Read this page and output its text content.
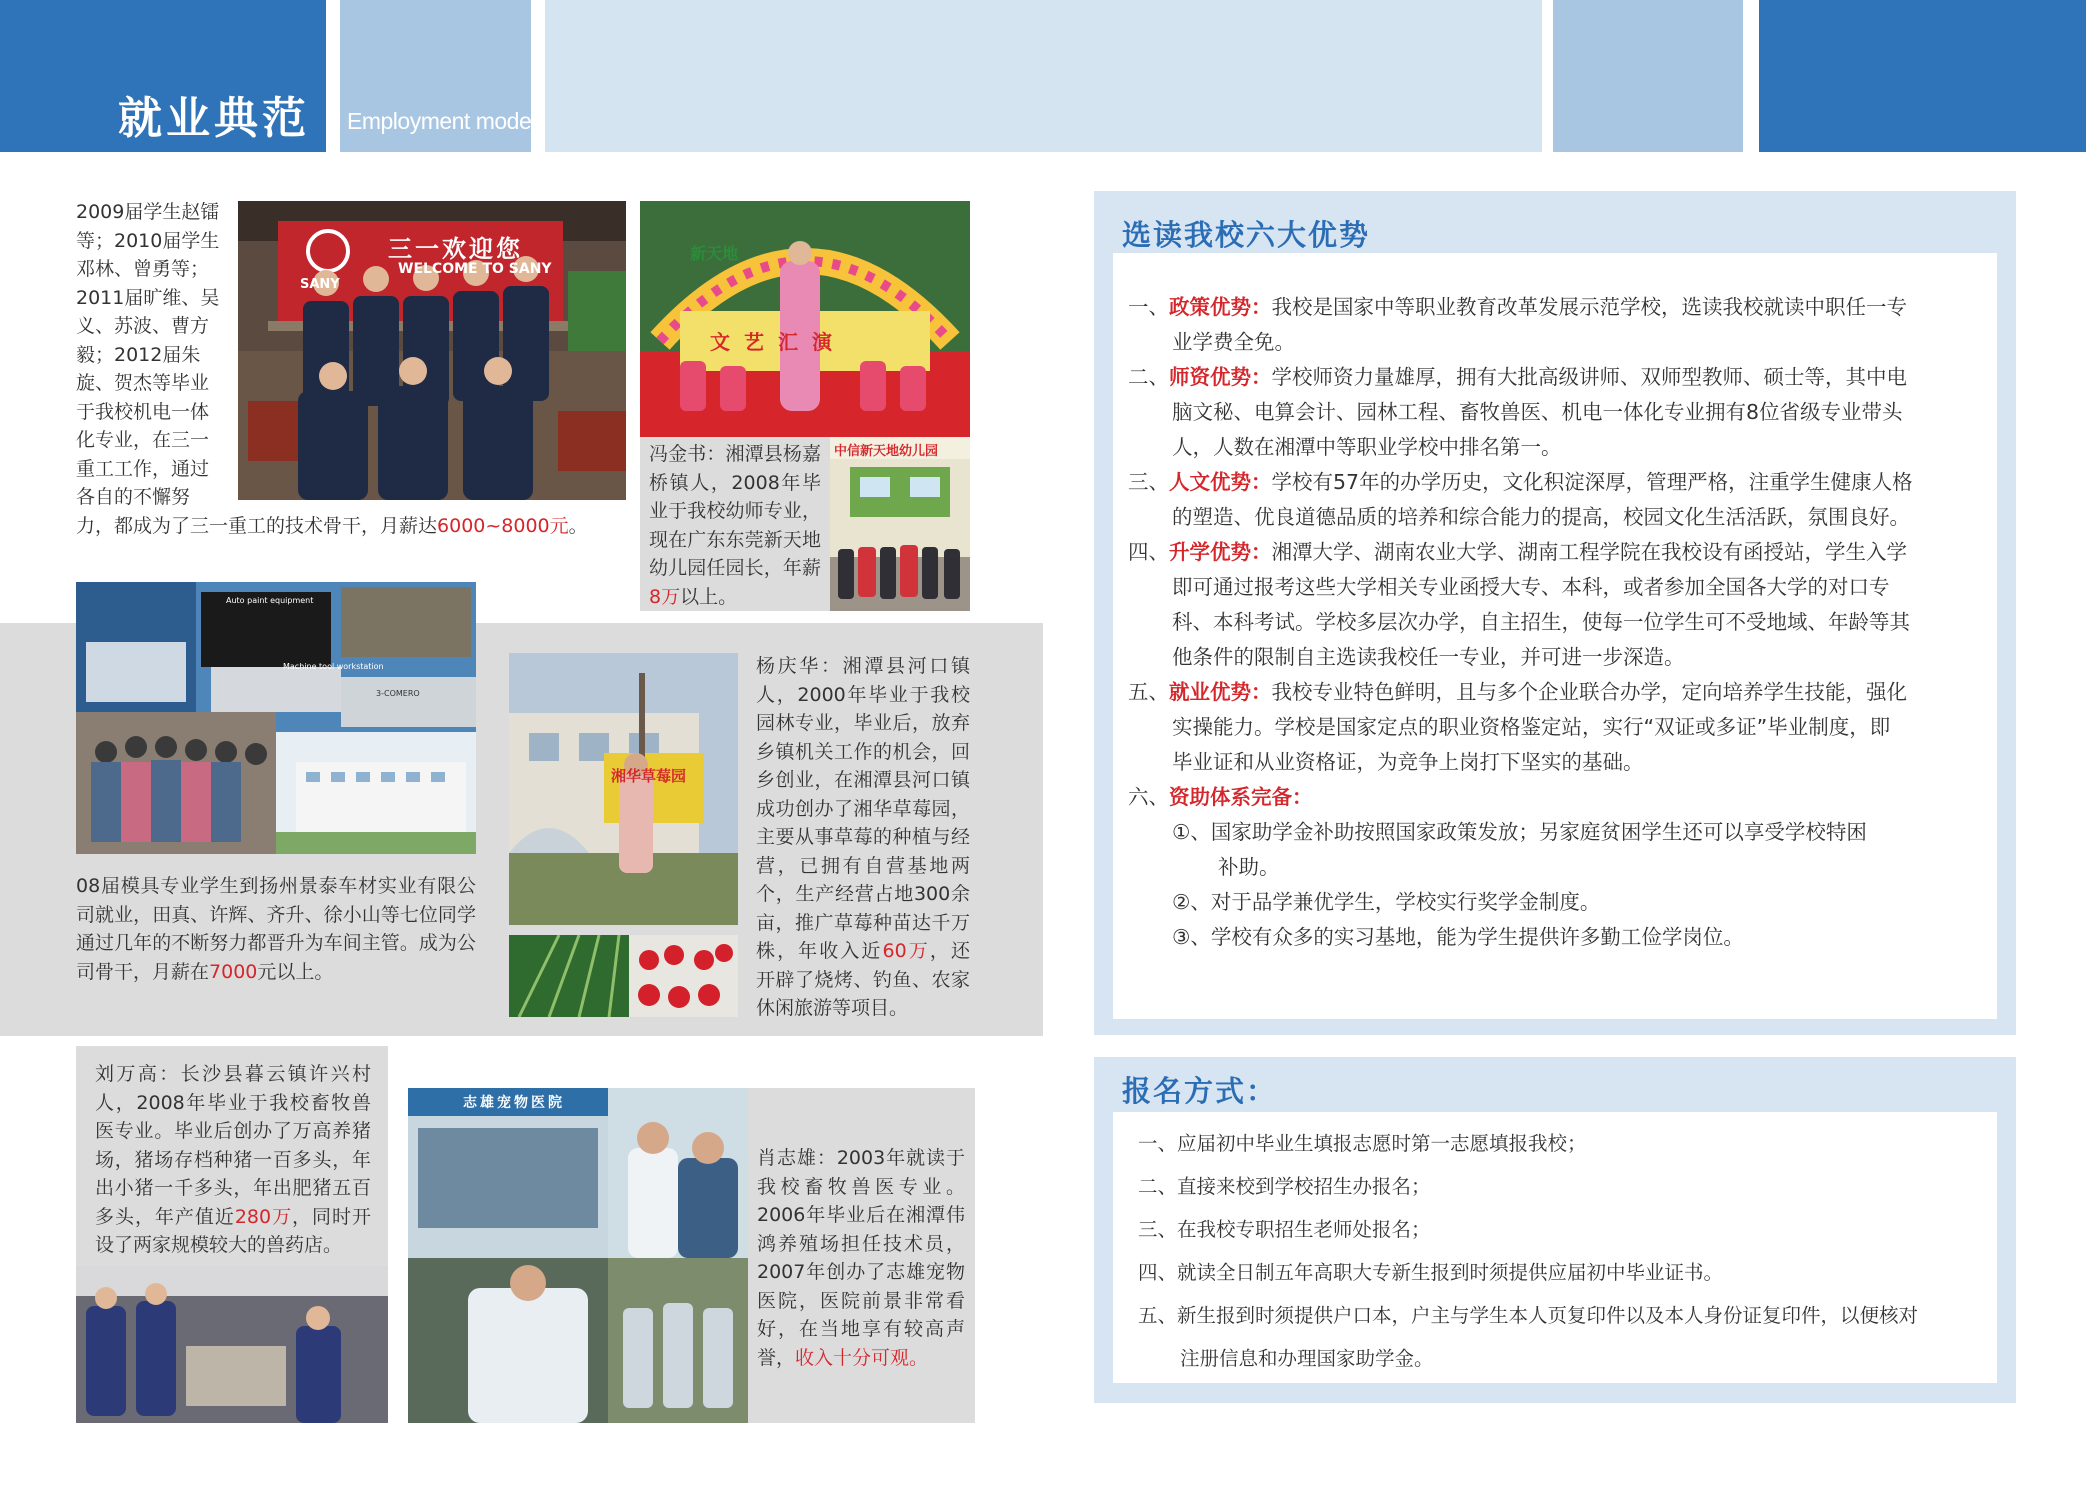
就业典范 Employment model
2009届学生赵镭
等；2010届学生
邓林、曾勇等；
2011届旷维、吴
义、苏波、曹方
毅；2012届朱
旋、贺杰等毕业
于我校机电一体
化专业，在三一
重工工作，通过
各自的不懈努
力，都成为了三一重工的技术骨干，月薪达6000~8000元。
三一欢迎您
WELCOME TO SANY
SANY
新天地
文艺汇演
冯金书：湘潭县杨嘉桥镇人，2008年毕业于我校幼师专业，现在广东东莞新天地幼儿园任园长，年薪8万以上。
中信新天地幼儿园
Auto paint equipment
Machine tool workstation
3-COMERO
08届模具专业学生到扬州景泰车材实业有限公司就业，田真、许辉、齐升、徐小山等七位同学通过几年的不断努力都晋升为车间主管。成为公司骨干，月薪在7000元以上。
湘华草莓园
杨庆华：湘潭县河口镇人，2000年毕业于我校园林专业，毕业后，放弃乡镇机关工作的机会，回乡创业，在湘潭县河口镇成功创办了湘华草莓园，主要从事草莓的种植与经营，已拥有自营基地两个，生产经营占地300余亩，推广草莓种苗达千万株，年收入近60万，还开辟了烧烤、钓鱼、农家休闲旅游等项目。
刘万高：长沙县暮云镇许兴村人，2008年毕业于我校畜牧兽医专业。毕业后创办了万高养猪场，猪场存档种猪一百多头，年出小猪一千多头，年出肥猪五百多头，年产值近280万，同时开设了两家规模较大的兽药店。
志雄宠物医院
肖志雄：2003年就读于我校畜牧兽医专业。2006年毕业后在湘潭伟鸿养殖场担任技术员，2007年创办了志雄宠物医院，医院前景非常看好，在当地享有较高声誉，收入十分可观。
选读我校六大优势
一、政策优势：我校是国家中等职业教育改革发展示范学校，选读我校就读中职任一专
业学费全免。
二、师资优势：学校师资力量雄厚，拥有大批高级讲师、双师型教师、硕士等，其中电
脑文秘、电算会计、园林工程、畜牧兽医、机电一体化专业拥有8位省级专业带头
人，人数在湘潭中等职业学校中排名第一。
三、人文优势：学校有57年的办学历史，文化积淀深厚，管理严格，注重学生健康人格
的塑造、优良道德品质的培养和综合能力的提高，校园文化生活活跃，氛围良好。
四、升学优势：湘潭大学、湖南农业大学、湖南工程学院在我校设有函授站，学生入学
即可通过报考这些大学相关专业函授大专、本科，或者参加全国各大学的对口专
科、本科考试。学校多层次办学，自主招生，使每一位学生可不受地域、年龄等其
他条件的限制自主选读我校任一专业，并可进一步深造。
五、就业优势：我校专业特色鲜明，且与多个企业联合办学，定向培养学生技能，强化
实操能力。学校是国家定点的职业资格鉴定站，实行“双证或多证”毕业制度，即
毕业证和从业资格证，为竞争上岗打下坚实的基础。
六、资助体系完备：
①、国家助学金补助按照国家政策发放；另家庭贫困学生还可以享受学校特困
补助。
②、对于品学兼优学生，学校实行奖学金制度。
③、学校有众多的实习基地，能为学生提供许多勤工俭学岗位。
报名方式：
一、应届初中毕业生填报志愿时第一志愿填报我校；
二、直接来校到学校招生办报名；
三、在我校专职招生老师处报名；
四、就读全日制五年高职大专新生报到时须提供应届初中毕业证书。
五、新生报到时须提供户口本，户主与学生本人页复印件以及本人身份证复印件，以便核对
注册信息和办理国家助学金。
